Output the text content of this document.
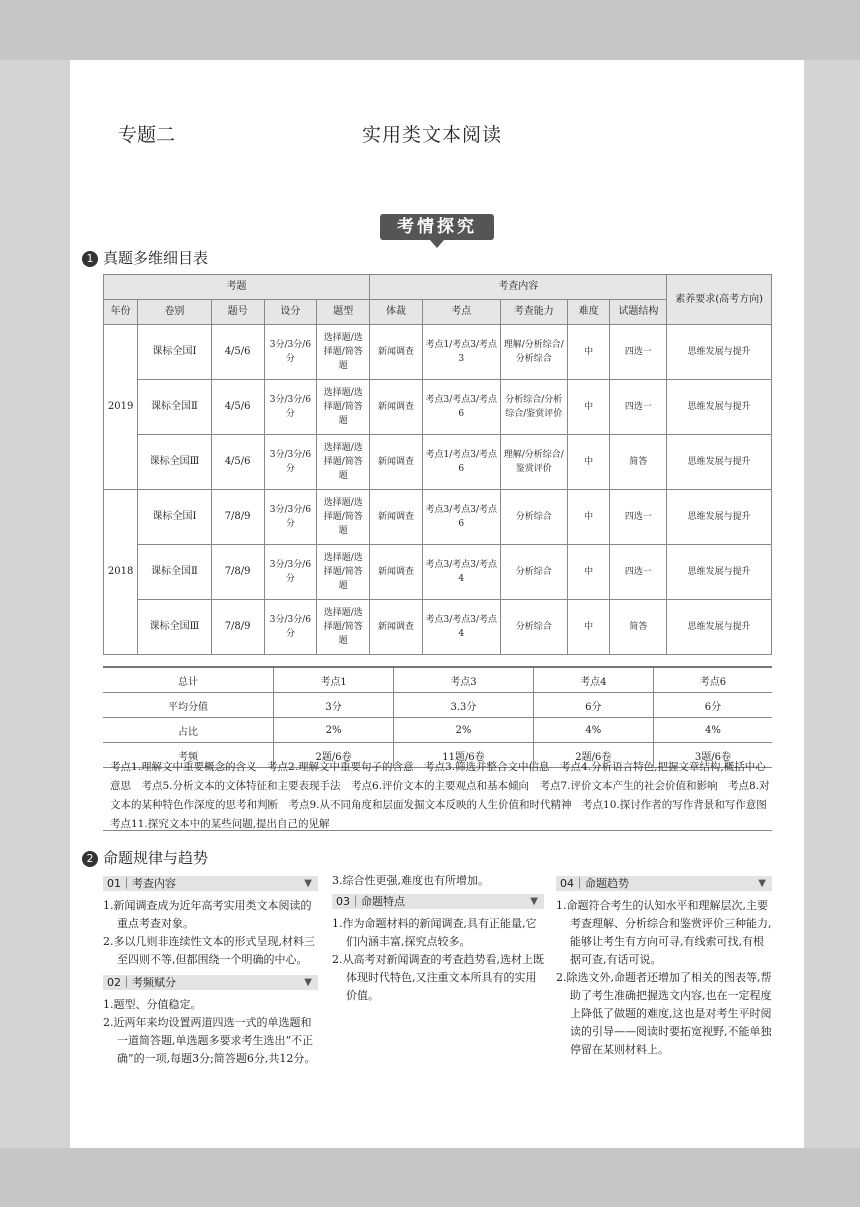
专题二	实用类文本阅读
考情探究
1 真题多维细目表
考题					考查内容					素养要求(高考方向)
年份	卷别	题号	设分	题型	体裁	考点	考查能力	难度	试题结构	
2019	课标全国Ⅰ	4/5/6	3分/3分/6分	选择题/选择题/简答题	新闻调查	考点1/考点3/考点3	理解/分析综合/分析综合	中	四选一	思维发展与提升
	课标全国Ⅱ	4/5/6	3分/3分/6分	选择题/选择题/简答题	新闻调查	考点3/考点3/考点6	分析综合/分析综合/鉴赏评价	中	四选一	思维发展与提升
	课标全国Ⅲ	4/5/6	3分/3分/6分	选择题/选择题/简答题	新闻调查	考点1/考点3/考点6	理解/分析综合/鉴赏评价	中	简答	思维发展与提升
2018	课标全国Ⅰ	7/8/9	3分/3分/6分	选择题/选择题/简答题	新闻调查	考点3/考点3/考点6	分析综合	中	四选一	思维发展与提升
	课标全国Ⅱ	7/8/9	3分/3分/6分	选择题/选择题/简答题	新闻调查	考点3/考点3/考点4	分析综合	中	四选一	思维发展与提升
	课标全国Ⅲ	7/8/9	3分/3分/6分	选择题/选择题/简答题	新闻调查	考点3/考点3/考点4	分析综合	中	简答	思维发展与提升
总计	考点1	考点3	考点4	考点6
平均分值	3分	3.3分	6分	6分
占比	2%	2%	4%	4%
考频	2题/6卷	11题/6卷	2题/6卷	3题/6卷
考点1.理解文中重要概念的含义　考点2.理解文中重要句子的含意　考点3.筛选并整合文中信息　考点4.分析语言特色,把握文章结构,概括中心意思　考点5.分析文本的文体特征和主要表现手法　考点6.评价文本的主要观点和基本倾向　考点7.评价文本产生的社会价值和影响　考点8.对文本的某种特色作深度的思考和判断　考点9.从不同角度和层面发掘文本反映的人生价值和时代精神　考点10.探讨作者的写作背景和写作意图　考点11.探究文本中的某些问题,提出自己的见解
2 命题规律与趋势
01｜考查内容	▼
1.新闻调查成为近年高考实用类文本阅读的重点考查对象。
2.多以几则非连续性文本的形式呈现,材料三至四则不等,但都围绕一个明确的中心。
02｜考频赋分	▼
1.题型、分值稳定。
2.近两年来均设置两道四选一式的单选题和一道简答题,单选题多要求考生选出“不正确”的一项,每题3分;简答题6分,共12分。
3.综合性更强,难度也有所增加。
03｜命题特点	▼
1.作为命题材料的新闻调查,具有正能量,它们内涵丰富,探究点较多。
2.从高考对新闻调查的考查趋势看,选材上既体现时代特色,又注重文本所具有的实用价值。
04｜命题趋势	▼
1.命题符合考生的认知水平和理解层次,主要考查理解、分析综合和鉴赏评价三种能力,能够让考生有方向可寻,有线索可找,有根据可查,有话可说。
2.除选文外,命题者还增加了相关的图表等,帮助了考生准确把握选文内容,也在一定程度上降低了做题的难度,这也是对考生平时阅读的引导——阅读时要拓宽视野,不能单独停留在某则材料上。
